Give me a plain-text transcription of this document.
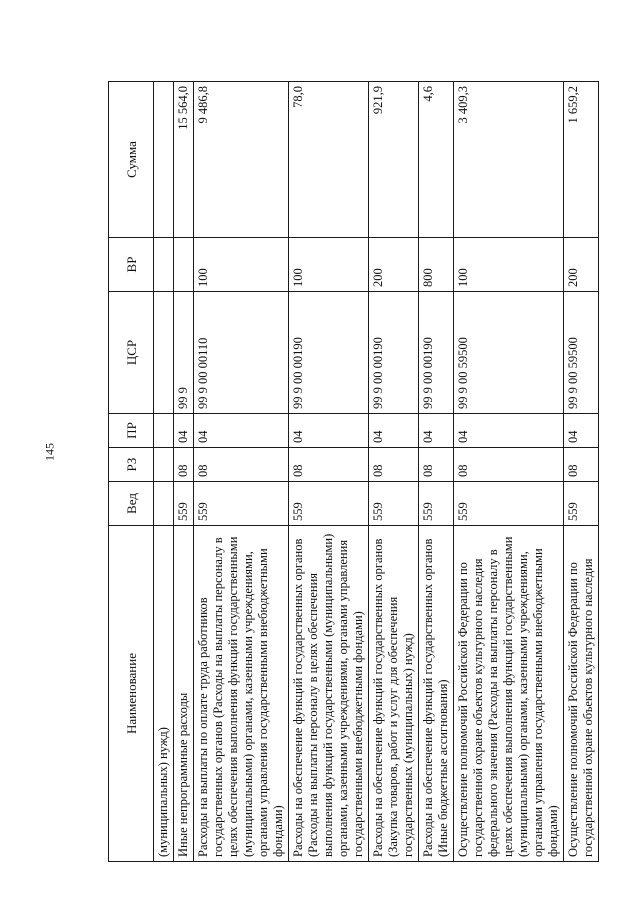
145
Наименование	Вед	РЗ	ПР	ЦСР	ВР	Сумма
(муниципальных) нужд)						
Иные непрограммные расходы	559	08	04	99 9		15 564,0
Расходы на выплаты по оплате труда работников государственных органов (Расходы на выплаты персоналу в целях обеспечения выполнения функций государственными (муниципальными) органами, казенными учреждениями, органами управления государственными внебюджетными фондами)	559	08	04	99 9 00 00110	100	9 486,8
Расходы на обеспечение функций государственных органов (Расходы на выплаты персоналу в целях обеспечения выполнения функций государственными (муниципальными) органами, казенными учреждениями, органами управления государственными внебюджетными фондами)	559	08	04	99 9 00 00190	100	78,0
Расходы на обеспечение функций государственных органов (Закупка товаров, работ и услуг для обеспечения государственных (муниципальных) нужд)	559	08	04	99 9 00 00190	200	921,9
Расходы на обеспечение функций государственных органов (Иные бюджетные ассигнования)	559	08	04	99 9 00 00190	800	4,6
Осуществление полномочий Российской Федерации по государственной охране объектов культурного наследия федерального значения (Расходы на выплаты персоналу в целях обеспечения выполнения функций государственными (муниципальными) органами, казенными учреждениями, органами управления государственными внебюджетными фондами)	559	08	04	99 9 00 59500	100	3 409,3
Осуществление полномочий Российской Федерации по государственной охране объектов культурного наследия	559	08	04	99 9 00 59500	200	1 659,2
